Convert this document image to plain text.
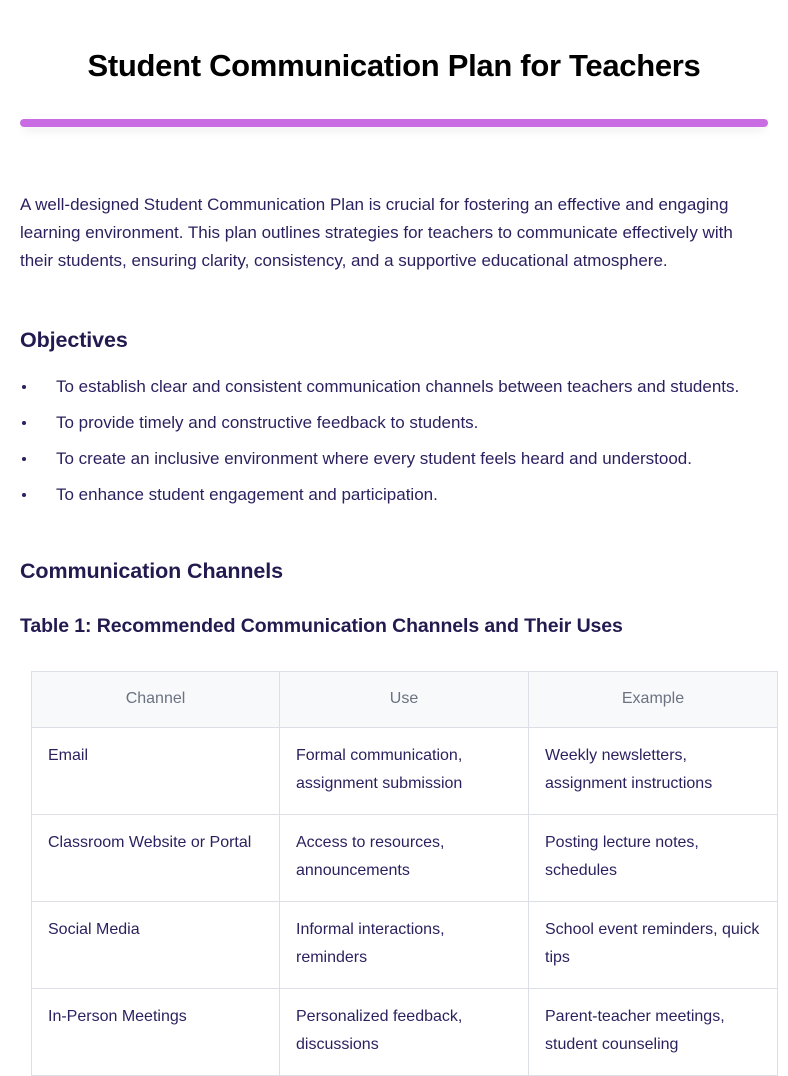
Student Communication Plan for Teachers

A well-designed Student Communication Plan is crucial for fostering an effective and engaging learning environment. This plan outlines strategies for teachers to communicate effectively with their students, ensuring clarity, consistency, and a supportive educational atmosphere.

Objectives
To establish clear and consistent communication channels between teachers and students.
To provide timely and constructive feedback to students.
To create an inclusive environment where every student feels heard and understood.
To enhance student engagement and participation.
Communication Channels
Table 1: Recommended Communication Channels and Their Uses
Channel	Use	Example
Email	Formal communication, assignment submission	Weekly newsletters, assignment instructions
Classroom Website or Portal	Access to resources, announcements	Posting lecture notes, schedules
Social Media	Informal interactions, reminders	School event reminders, quick tips
In-Person Meetings	Personalized feedback, discussions	Parent-teacher meetings, student counseling
